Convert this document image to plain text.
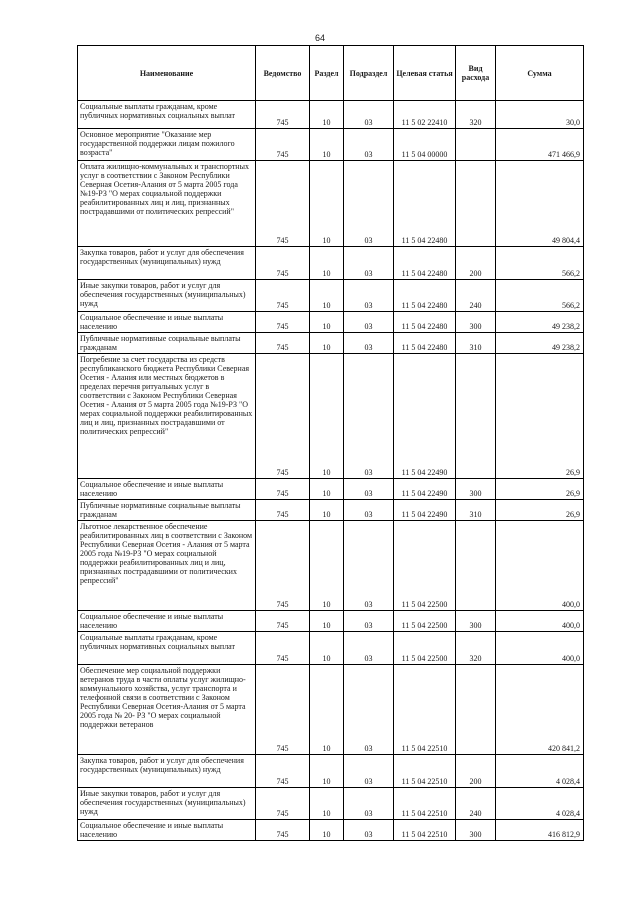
64
Наименование	Ведомство	Раздел	Подраздел	Целевая статья	Вид расхода	Сумма
Социальные выплаты гражданам, кроме публичных нормативных социальных выплат	745	10	03	11 5 02 22410	320	30,0
Основное мероприятие "Оказание мер государственной поддержки лицам пожилого возраста"	745	10	03	11 5 04 00000		471 466,9
Оплата жилищно-коммунальных и транспортных услуг в соответствии с Законом Республики Северная Осетия-Алания от 5 марта 2005 года №19-РЗ "О мерах социальной поддержки реабилитированных лиц и лиц, признанных пострадавшими от политических репрессий"	745	10	03	11 5 04 22480		49 804,4
Закупка товаров, работ и услуг для обеспечения государственных (муниципальных) нужд	745	10	03	11 5 04 22480	200	566,2
Иные закупки товаров, работ и услуг для обеспечения государственных (муниципальных) нужд	745	10	03	11 5 04 22480	240	566,2
Социальное обеспечение и иные выплаты населению	745	10	03	11 5 04 22480	300	49 238,2
Публичные нормативные социальные выплаты гражданам	745	10	03	11 5 04 22480	310	49 238,2
Погребение за счет государства из средств республиканского бюджета Республики Северная Осетия - Алания или местных бюджетов в пределах перечня ритуальных услуг в соответствии с Законом Республики Северная Осетия - Алания от 5 марта 2005 года №19-РЗ "О мерах социальной поддержки реабилитированных лиц и лиц, признанных пострадавшими от политических репрессий"	745	10	03	11 5 04 22490		26,9
Социальное обеспечение и иные выплаты населению	745	10	03	11 5 04 22490	300	26,9
Публичные нормативные социальные выплаты гражданам	745	10	03	11 5 04 22490	310	26,9
Льготное лекарственное обеспечение реабилитированных лиц в соответствии с Законом Республики Северная Осетия - Алания от 5 марта 2005 года №19-РЗ "О мерах социальной поддержки реабилитированных лиц и лиц, признанных пострадавшими от политических репрессий"	745	10	03	11 5 04 22500		400,0
Социальное обеспечение и иные выплаты населению	745	10	03	11 5 04 22500	300	400,0
Социальные выплаты гражданам, кроме публичных нормативных социальных выплат	745	10	03	11 5 04 22500	320	400,0
Обеспечение мер социальной поддержки ветеранов труда в части оплаты услуг жилищно-коммунального хозяйства, услуг транспорта и телефонной связи в соответствии с Законом Республики Северная Осетия-Алания от 5 марта 2005 года № 20- РЗ "О мерах социальной поддержки ветеранов	745	10	03	11 5 04 22510		420 841,2
Закупка товаров, работ и услуг для обеспечения государственных (муниципальных) нужд	745	10	03	11 5 04 22510	200	4 028,4
Иные закупки товаров, работ и услуг для обеспечения государственных (муниципальных) нужд	745	10	03	11 5 04 22510	240	4 028,4
Социальное обеспечение и иные выплаты населению	745	10	03	11 5 04 22510	300	416 812,9
